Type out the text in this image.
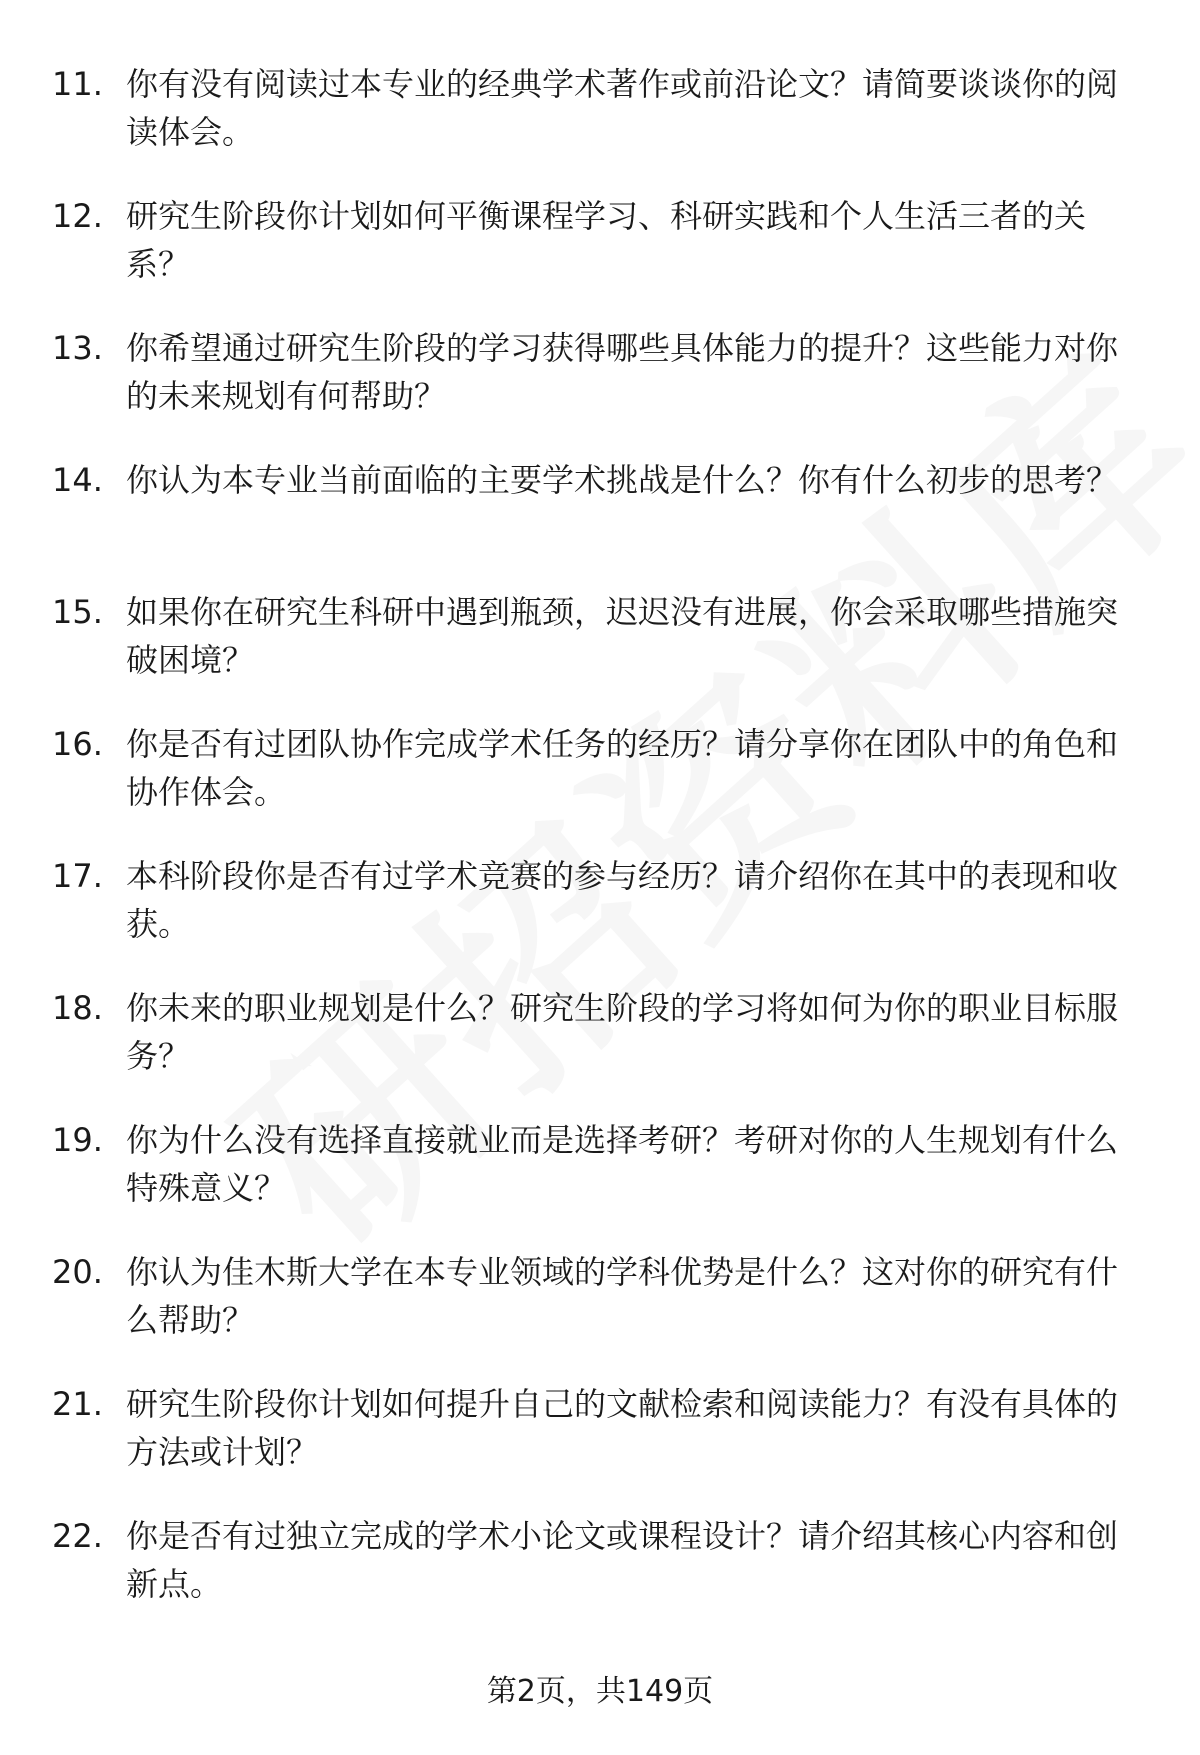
11. 你有没有阅读过本专业的经典学术著作或前沿论文？请简要谈谈你的阅读体会。
12. 研究生阶段你计划如何平衡课程学习、科研实践和个人生活三者的关系？
13. 你希望通过研究生阶段的学习获得哪些具体能力的提升？这些能力对你的未来规划有何帮助？
14. 你认为本专业当前面临的主要学术挑战是什么？你有什么初步的思考？
15. 如果你在研究生科研中遇到瓶颈，迟迟没有进展，你会采取哪些措施突破困境？
16. 你是否有过团队协作完成学术任务的经历？请分享你在团队中的角色和协作体会。
17. 本科阶段你是否有过学术竞赛的参与经历？请介绍你在其中的表现和收获。
18. 你未来的职业规划是什么？研究生阶段的学习将如何为你的职业目标服务？
19. 你为什么没有选择直接就业而是选择考研？考研对你的人生规划有什么特殊意义？
20. 你认为佳木斯大学在本专业领域的学科优势是什么？这对你的研究有什么帮助？
21. 研究生阶段你计划如何提升自己的文献检索和阅读能力？有没有具体的方法或计划？
22. 你是否有过独立完成的学术小论文或课程设计？请介绍其核心内容和创新点。
第2页，共149页
